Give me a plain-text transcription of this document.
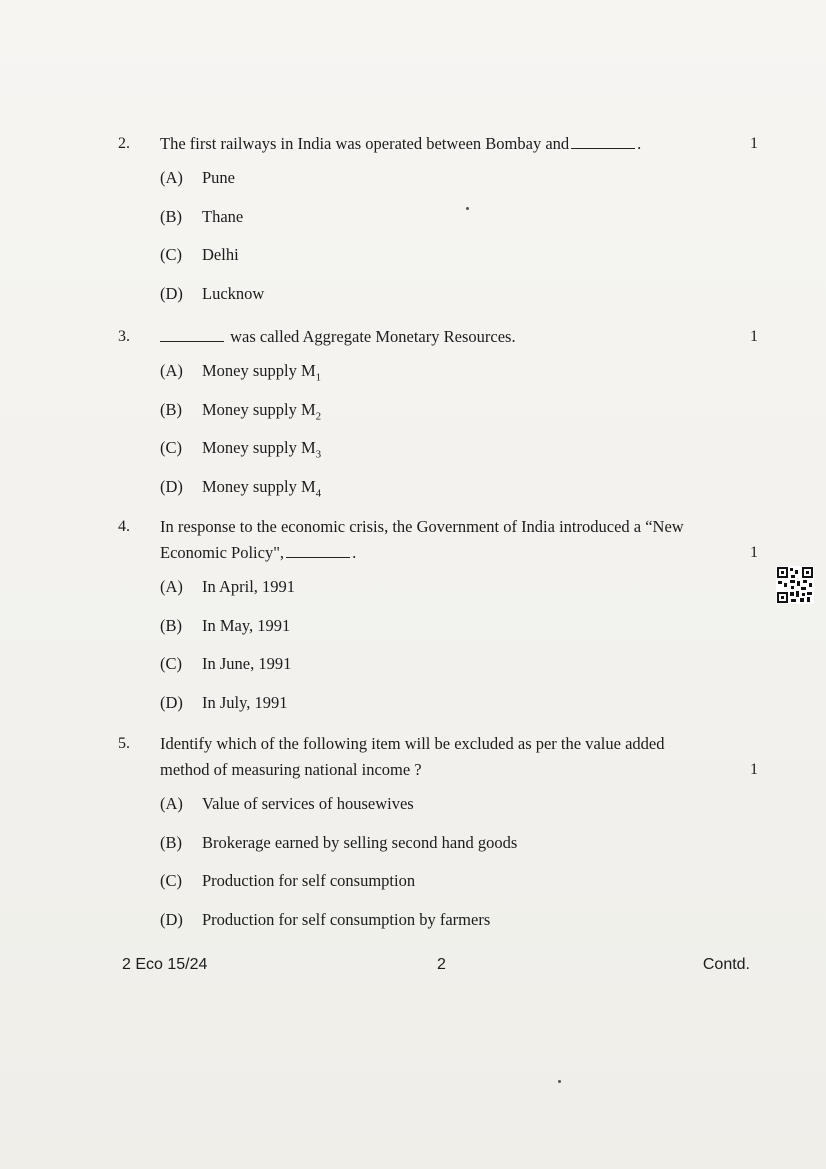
2.	The first railways in India was operated between Bombay and	.	1
(A)	Pune
(B)	Thane
(C)	Delhi
(D)	Lucknow
3.	was called Aggregate Monetary Resources.	1
(A)	Money supply $M_1$
(B)	Money supply $M_2$
(C)	Money supply $M_3$
(D)	Money supply $M_4$
4.	In response to the economic crisis, the Government of India introduced a “New
Economic Policy",	.	1
(A)	In April, 1991
(B)	In May, 1991
(C)	In June, 1991
(D)	In July, 1991
5.	Identify which of the following item will be excluded as per the value added
method of measuring national income ?	1
(A)	Value of services of housewives
(B)	Brokerage earned by selling second hand goods
(C)	Production for self consumption
(D)	Production for self consumption by farmers
2 Eco 15/24	2	Contd.
